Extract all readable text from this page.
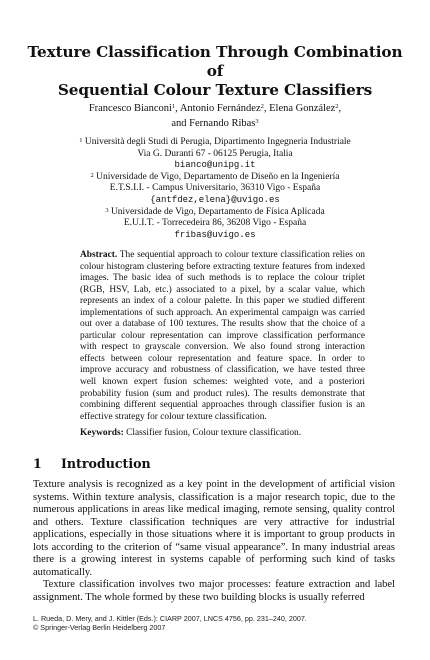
Texture Classification Through Combination of
Sequential Colour Texture Classifiers
Francesco Bianconi$^1$, Antonio Fernández$^2$, Elena González$^2$,
and Fernando Ribas$^3$
$^1$ Università degli Studi di Perugia, Dipartimento Ingegneria Industriale
Via G. Duranti 67 - 06125 Perugia, Italia
bianco@unipg.it
$^2$ Universidade de Vigo, Departamento de Diseño en la Ingeniería
E.T.S.I.I. - Campus Universitario, 36310 Vigo - España
{antfdez,elena}@uvigo.es
$^3$ Universidade de Vigo, Departamento de Física Aplicada
E.U.I.T. - Torrecedeira 86, 36208 Vigo - España
fribas@uvigo.es
Abstract. The sequential approach to colour texture classification relies on colour histogram clustering before extracting texture features from indexed images. The basic idea of such methods is to replace the colour triplet (RGB, HSV, Lab, etc.) associated to a pixel, by a scalar value, which represents an index of a colour palette. In this paper we studied different implementations of such approach. An experimental campaign was carried out over a database of 100 textures. The results show that the choice of a particular colour representation can improve classification performance with respect to grayscale conversion. We also found strong interaction effects between colour representation and feature space. In order to improve accuracy and robustness of classification, we have tested three well known expert fusion schemes: weighted vote, and a posteriori probability fusion (sum and product rules). The results demonstrate that combining different sequential approaches through classifier fusion is an effective strategy for colour texture classification.
Keywords: Classifier fusion, Colour texture classification.
1 Introduction

Texture analysis is recognized as a key point in the development of artificial vision systems. Within texture analysis, classification is a major research topic, due to the numerous applications in areas like medical imaging, remote sensing, quality control and others. Texture classification techniques are very attractive for industrial applications, especially in those situations where it is important to group products in lots according to the criterion of “same visual appearance”. In many industrial areas there is a growing interest in systems capable of performing such kind of tasks automatically.

Texture classification involves two major processes: feature extraction and label assignment. The whole formed by these two building blocks is usually referred

L. Rueda, D. Mery, and J. Kittler (Eds.): CIARP 2007, LNCS 4756, pp. 231–240, 2007.
© Springer-Verlag Berlin Heidelberg 2007
